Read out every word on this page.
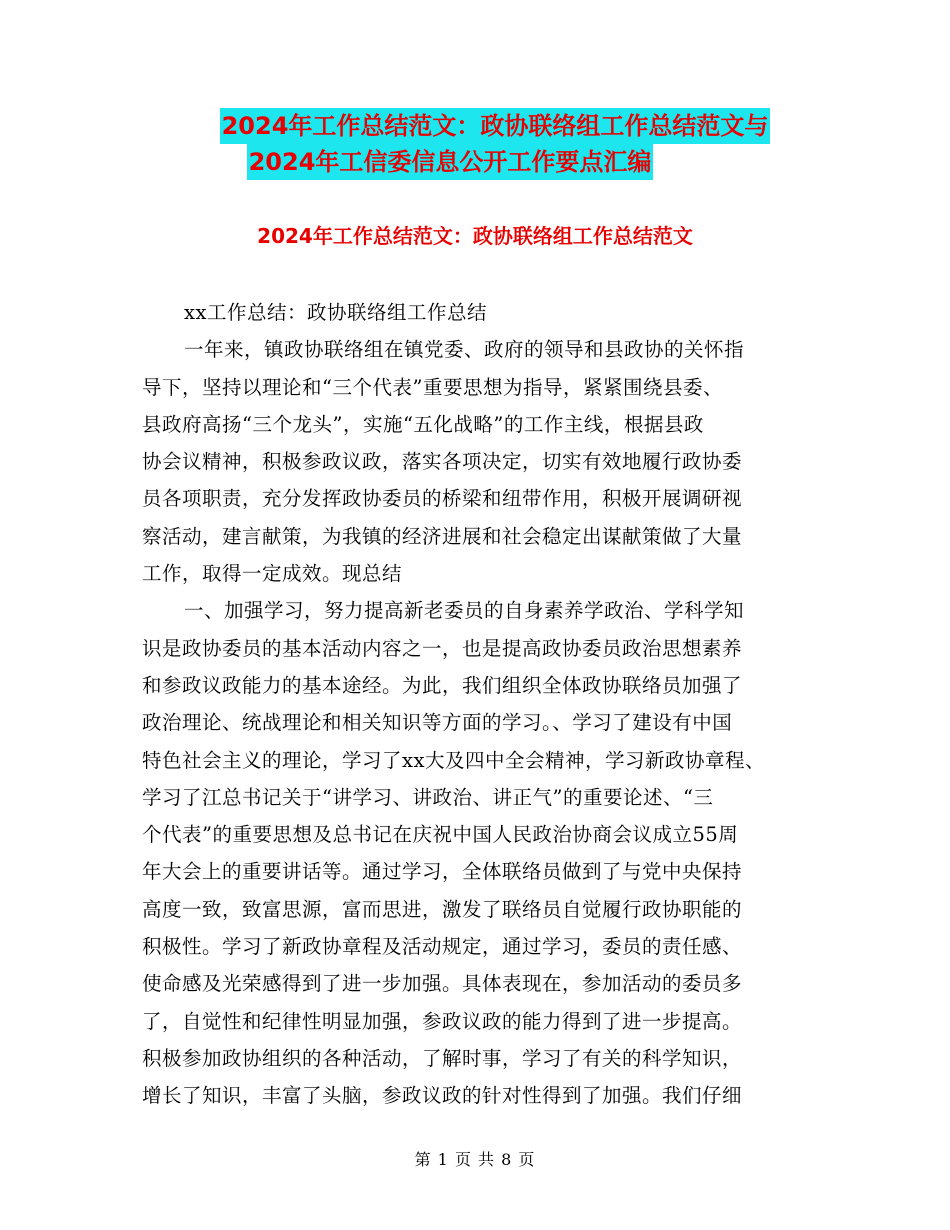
2024年工作总结范文：政协联络组工作总结范文与
2024年工信委信息公开工作要点汇编
2024年工作总结范文：政协联络组工作总结范文
xx工作总结：政协联络组工作总结
一年来，镇政协联络组在镇党委、政府的领导和县政协的关怀指
导下，坚持以理论和“三个代表”重要思想为指导，紧紧围绕县委、
县政府高扬“三个龙头”，实施“五化战略”的工作主线，根据县政
协会议精神，积极参政议政，落实各项决定，切实有效地履行政协委
员各项职责，充分发挥政协委员的桥梁和纽带作用，积极开展调研视
察活动，建言献策，为我镇的经济进展和社会稳定出谋献策做了大量
工作，取得一定成效。现总结
一、加强学习，努力提高新老委员的自身素养学政治、学科学知
识是政协委员的基本活动内容之一，也是提高政协委员政治思想素养
和参政议政能力的基本途经。为此，我们组织全体政协联络员加强了
政治理论、统战理论和相关知识等方面的学习。、学习了建设有中国
特色社会主义的理论，学习了xx大及四中全会精神，学习新政协章程、
学习了江总书记关于“讲学习、讲政治、讲正气”的重要论述、“三
个代表”的重要思想及总书记在庆祝中国人民政治协商会议成立55周
年大会上的重要讲话等。通过学习，全体联络员做到了与党中央保持
高度一致，致富思源，富而思进，激发了联络员自觉履行政协职能的
积极性。学习了新政协章程及活动规定，通过学习，委员的责任感、
使命感及光荣感得到了进一步加强。具体表现在，参加活动的委员多
了，自觉性和纪律性明显加强，参政议政的能力得到了进一步提高。
积极参加政协组织的各种活动，了解时事，学习了有关的科学知识，
增长了知识，丰富了头脑，参政议政的针对性得到了加强。我们仔细
第 1 页 共 8 页
